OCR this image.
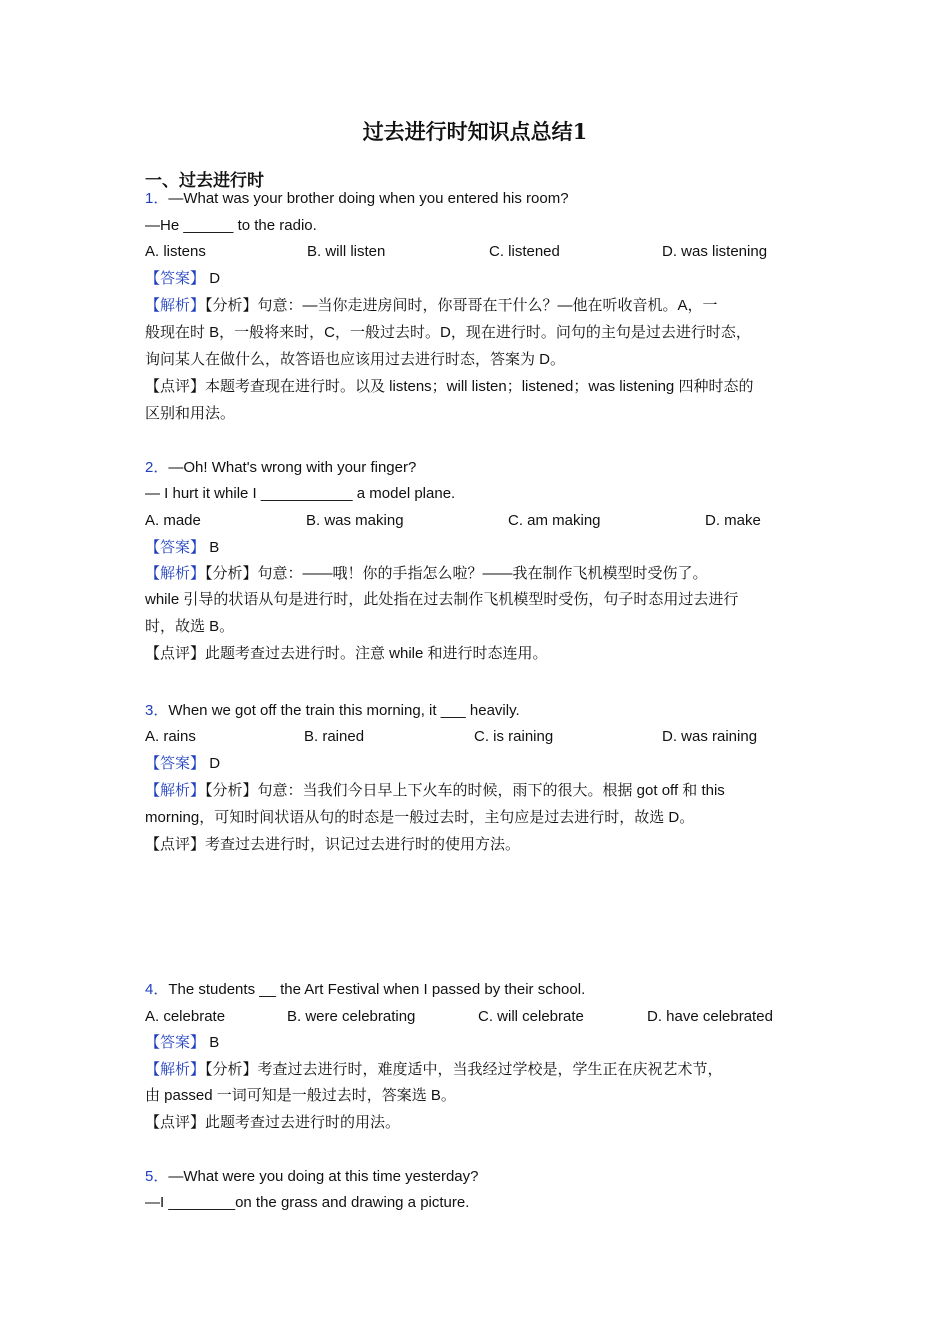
过去进行时知识点总结1
一、过去进行时
1．—What was your brother doing when you entered his room?
—He ______ to the radio.
A. listens	B. will listen	C. listened	D. was listening
【答案】 D
【解析】【分析】句意：—当你走进房间时，你哥哥在干什么？—他在听收音机。A，一
般现在时 B，一般将来时，C，一般过去时。D，现在进行时。问句的主句是过去进行时态，
询问某人在做什么，故答语也应该用过去进行时态，答案为 D。
【点评】本题考查现在进行时。以及 listens；will listen；listened；was listening 四种时态的
区别和用法。
2．—Oh! What's wrong with your finger?
— I hurt it while I ___________ a model plane.
A. made	B. was making	C. am making	D. make
【答案】 B
【解析】【分析】句意：——哦！你的手指怎么啦？——我在制作飞机模型时受伤了。
while 引导的状语从句是进行时，此处指在过去制作飞机模型时受伤，句子时态用过去进行
时，故选 B。
【点评】此题考查过去进行时。注意 while 和进行时态连用。
3．When we got off the train this morning, it ___ heavily.
A. rains	B. rained	C. is raining	D. was raining
【答案】 D
【解析】【分析】句意：当我们今日早上下火车的时候，雨下的很大。根据 got off 和 this
morning，可知时间状语从句的时态是一般过去时，主句应是过去进行时，故选 D。
【点评】考查过去进行时，识记过去进行时的使用方法。
4．The students __ the Art Festival when I passed by their school.
A. celebrate	B. were celebrating	C. will celebrate	D. have celebrated
【答案】 B
【解析】【分析】考查过去进行时，难度适中，当我经过学校是，学生正在庆祝艺术节，
由 passed 一词可知是一般过去时，答案选 B。
【点评】此题考查过去进行时的用法。
5．—What were you doing at this time yesterday?
—I ________on the grass and drawing a picture.
